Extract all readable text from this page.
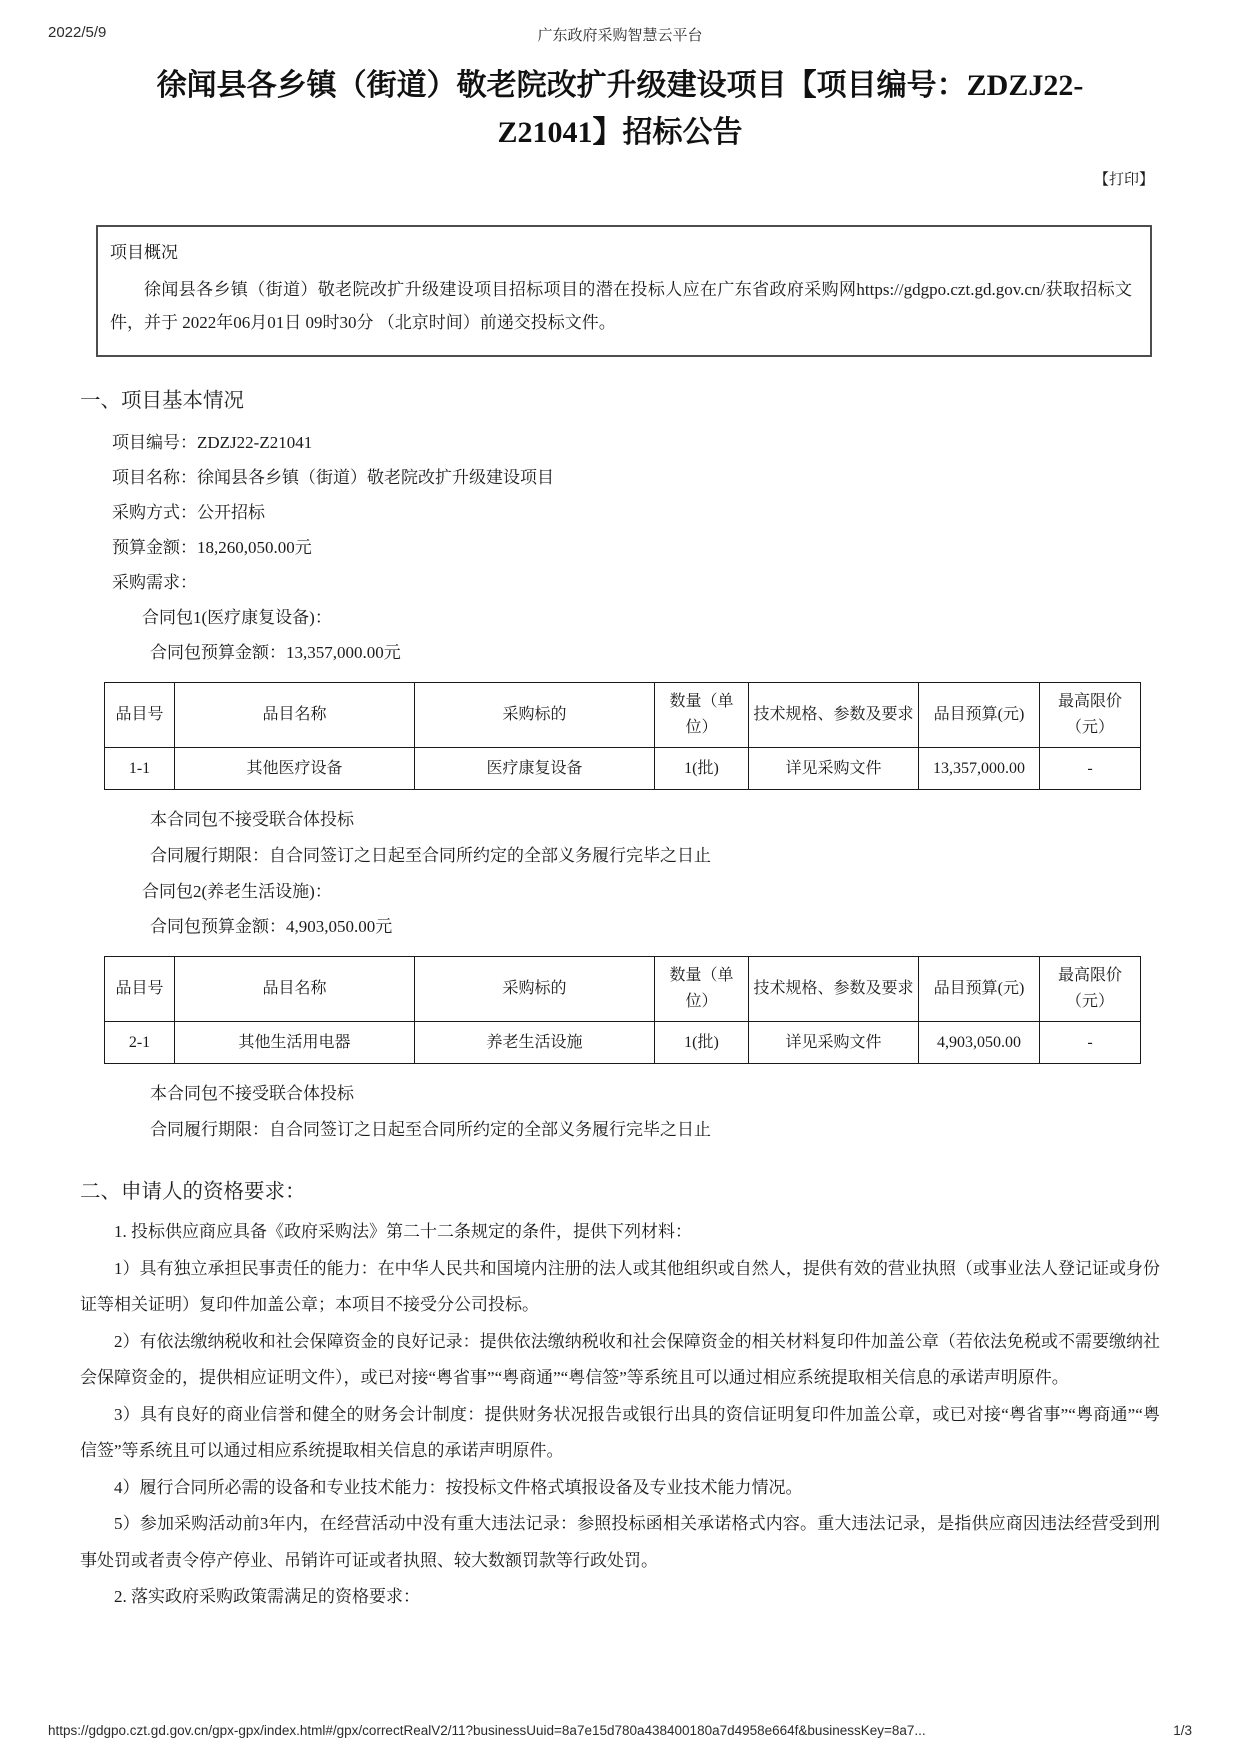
2022/5/9	广东政府采购智慧云平台
徐闻县各乡镇（街道）敬老院改扩升级建设项目【项目编号：ZDZJ22-Z21041】招标公告
【打印】
项目概况
徐闻县各乡镇（街道）敬老院改扩升级建设项目招标项目的潜在投标人应在广东省政府采购网https://gdgpo.czt.gd.gov.cn/获取招标文件，并于 2022年06月01日 09时30分 （北京时间）前递交投标文件。
一、项目基本情况

项目编号：ZDZJ22-Z21041

项目名称：徐闻县各乡镇（街道）敬老院改扩升级建设项目

采购方式：公开招标

预算金额：18,260,050.00元

采购需求：

合同包1(医疗康复设备)：

合同包预算金额：13,357,000.00元

品目号	品目名称	采购标的	数量（单位）	技术规格、参数及要求	品目预算(元)	最高限价（元）
1-1	其他医疗设备	医疗康复设备	1(批)	详见采购文件	13,357,000.00	-

本合同包不接受联合体投标

合同履行期限：自合同签订之日起至合同所约定的全部义务履行完毕之日止

合同包2(养老生活设施)：

合同包预算金额：4,903,050.00元

品目号	品目名称	采购标的	数量（单位）	技术规格、参数及要求	品目预算(元)	最高限价（元）
2-1	其他生活用电器	养老生活设施	1(批)	详见采购文件	4,903,050.00	-

本合同包不接受联合体投标

合同履行期限：自合同签订之日起至合同所约定的全部义务履行完毕之日止

二、申请人的资格要求：

1. 投标供应商应具备《政府采购法》第二十二条规定的条件，提供下列材料：

1）具有独立承担民事责任的能力：在中华人民共和国境内注册的法人或其他组织或自然人，提供有效的营业执照（或事业法人登记证或身份证等相关证明）复印件加盖公章；本项目不接受分公司投标。

2）有依法缴纳税收和社会保障资金的良好记录：提供依法缴纳税收和社会保障资金的相关材料复印件加盖公章（若依法免税或不需要缴纳社会保障资金的，提供相应证明文件），或已对接“粤省事”“粤商通”“粤信签”等系统且可以通过相应系统提取相关信息的承诺声明原件。

3）具有良好的商业信誉和健全的财务会计制度：提供财务状况报告或银行出具的资信证明复印件加盖公章，或已对接“粤省事”“粤商通”“粤信签”等系统且可以通过相应系统提取相关信息的承诺声明原件。

4）履行合同所必需的设备和专业技术能力：按投标文件格式填报设备及专业技术能力情况。

5）参加采购活动前3年内，在经营活动中没有重大违法记录：参照投标函相关承诺格式内容。重大违法记录，是指供应商因违法经营受到刑事处罚或者责令停产停业、吊销许可证或者执照、较大数额罚款等行政处罚。

2. 落实政府采购政策需满足的资格要求：

https://gdgpo.czt.gd.gov.cn/gpx-gpx/index.html#/gpx/correctRealV2/11?businessUuid=8a7e15d780a438400180a7d4958e664f&businessKey=8a7...	1/3
